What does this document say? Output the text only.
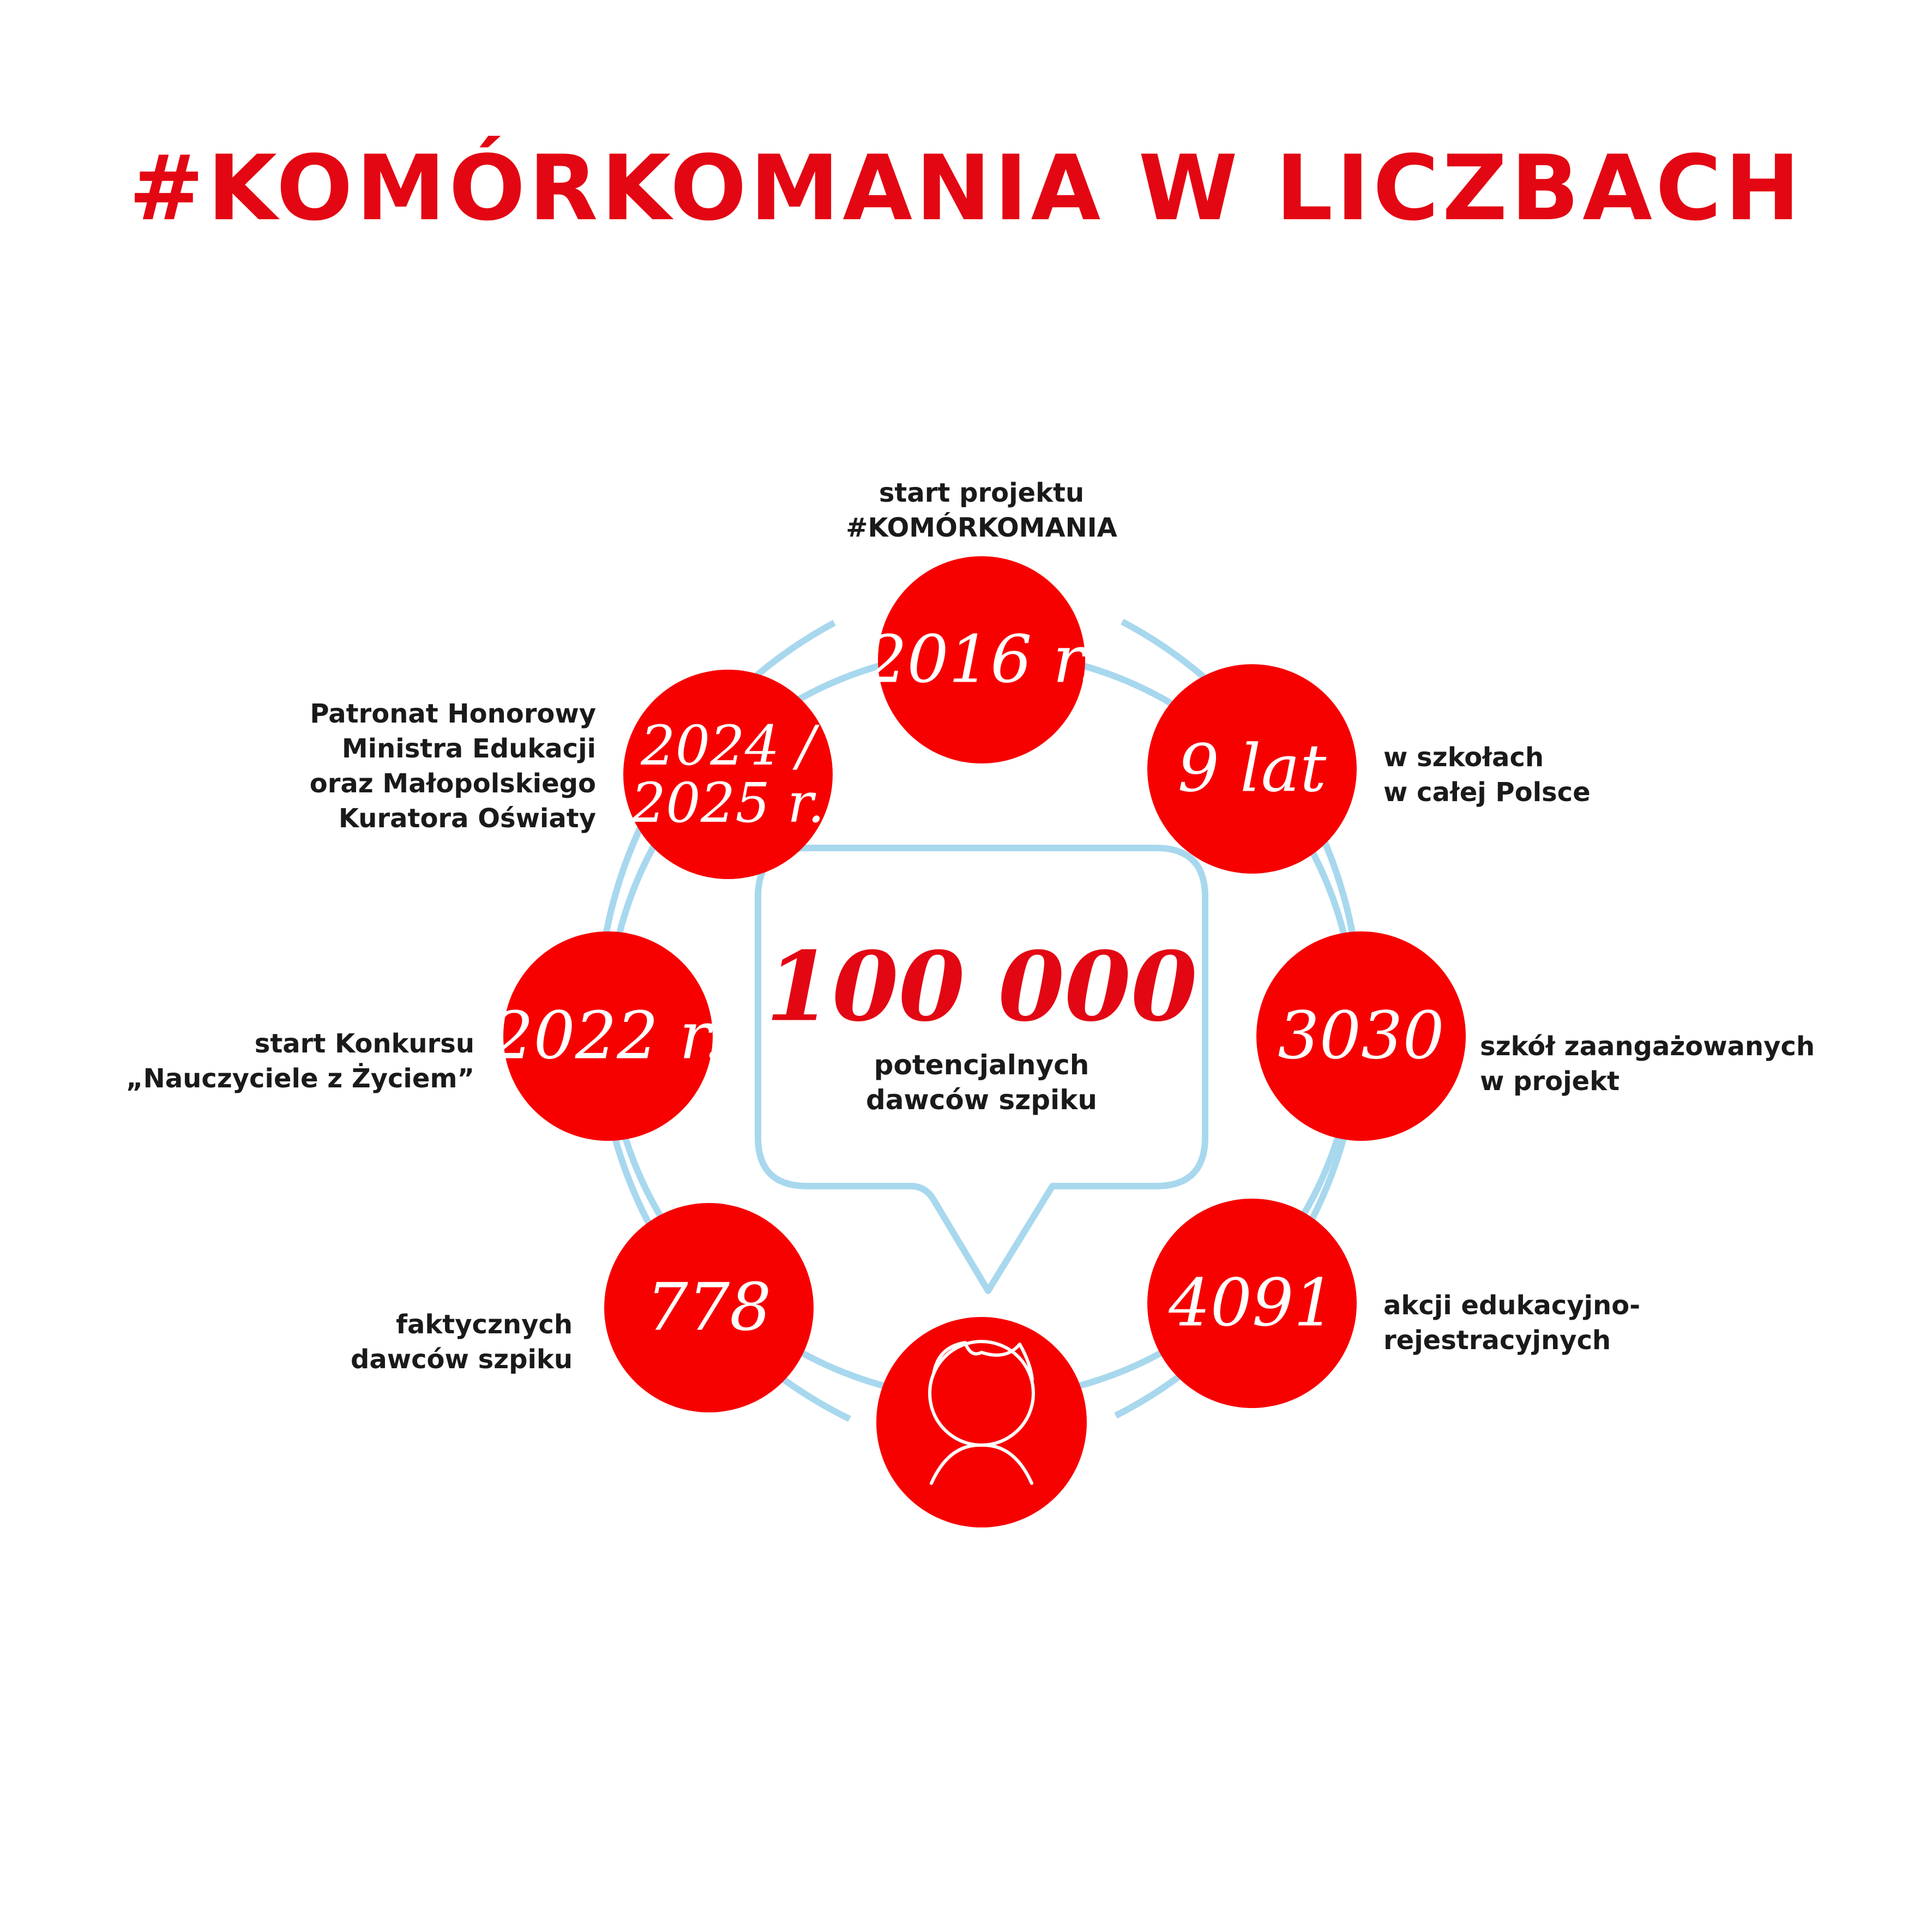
#KOMÓRKOMANIA W LICZBACH
100 000
potencjalnych
dawców szpiku
2016 r.
start projektu
#KOMÓRKOMANIA
9 lat w szkołach
w całej Polsce
3030 szkół zaangażowanych
w projekt
4091 akcji edukacyjno-
rejestracyjnych
778
faktycznych
dawców szpiku
2022 r.
start Konkursu
„Nauczyciele z Życiem”
2024 /
2025 r.
Patronat Honorowy
Ministra Edukacji
oraz Małopolskiego
Kuratora Oświaty
